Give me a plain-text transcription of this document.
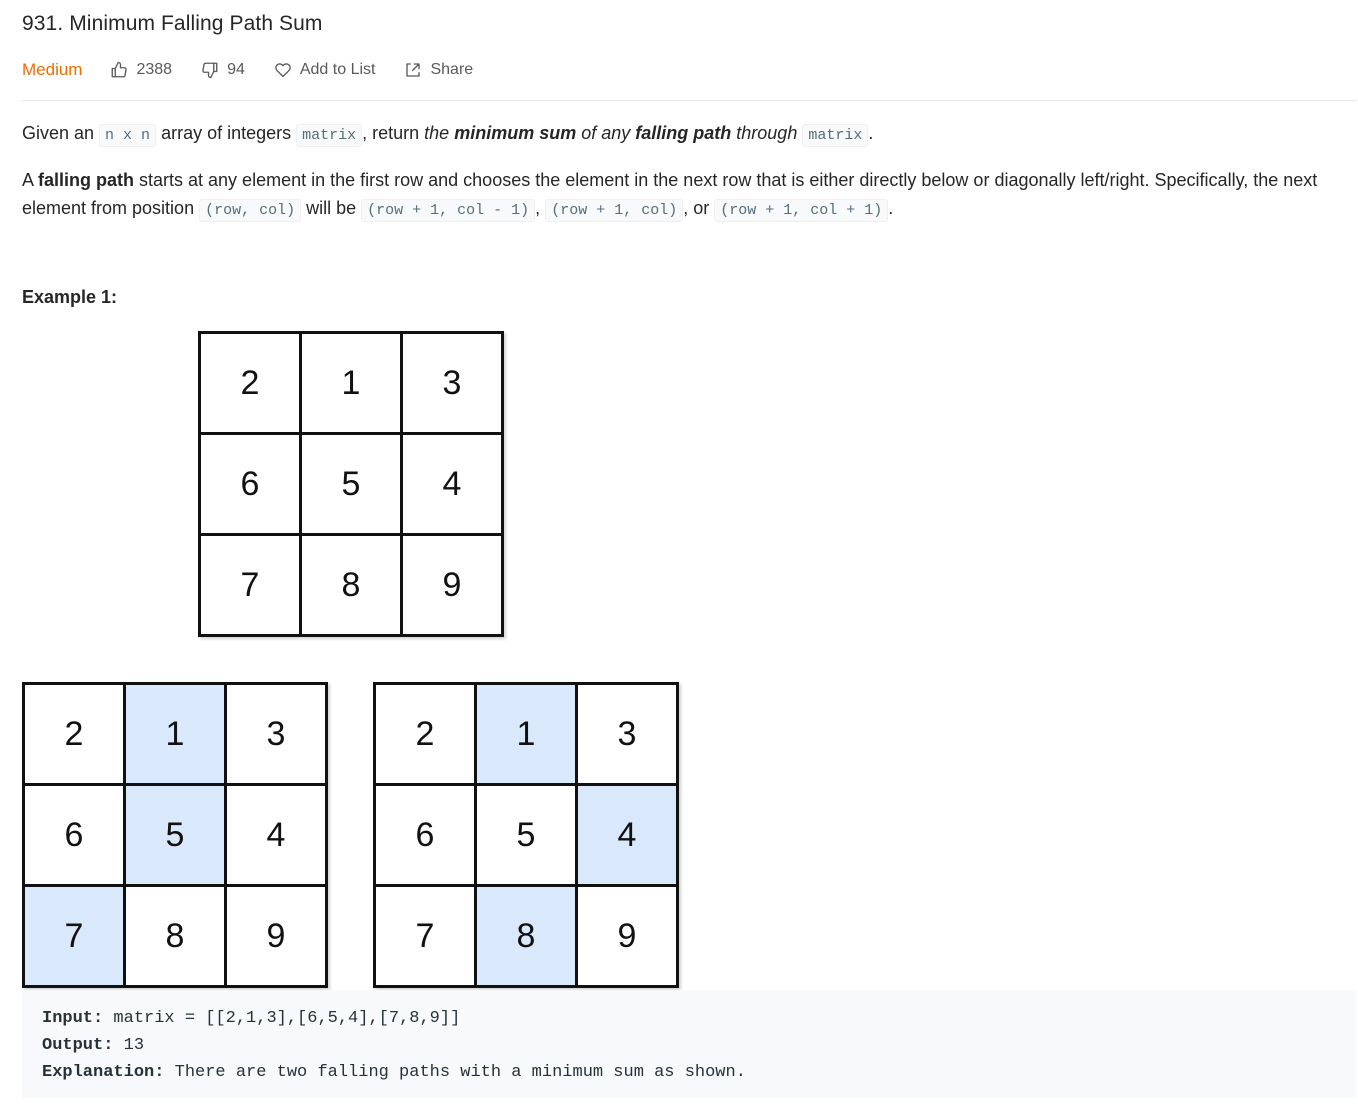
931. Minimum Falling Path Sum
Medium	2388	94	Add to List	Share
Given an n x n array of integers matrix , return the minimum sum of any falling path through matrix .
A falling path starts at any element in the first row and chooses the element in the next row that is either directly below or diagonally left/right. Specifically, the next element from position (row, col) will be (row + 1, col - 1) , (row + 1, col) , or (row + 1, col + 1) .
Example 1:
2	1	3
6	5	4
7	8	9
2	1	3
6	5	4
7	8	9
2	1	3
6	5	4
7	8	9
Input: matrix = [[2,1,3],[6,5,4],[7,8,9]]
Output: 13
Explanation: There are two falling paths with a minimum sum as shown.
